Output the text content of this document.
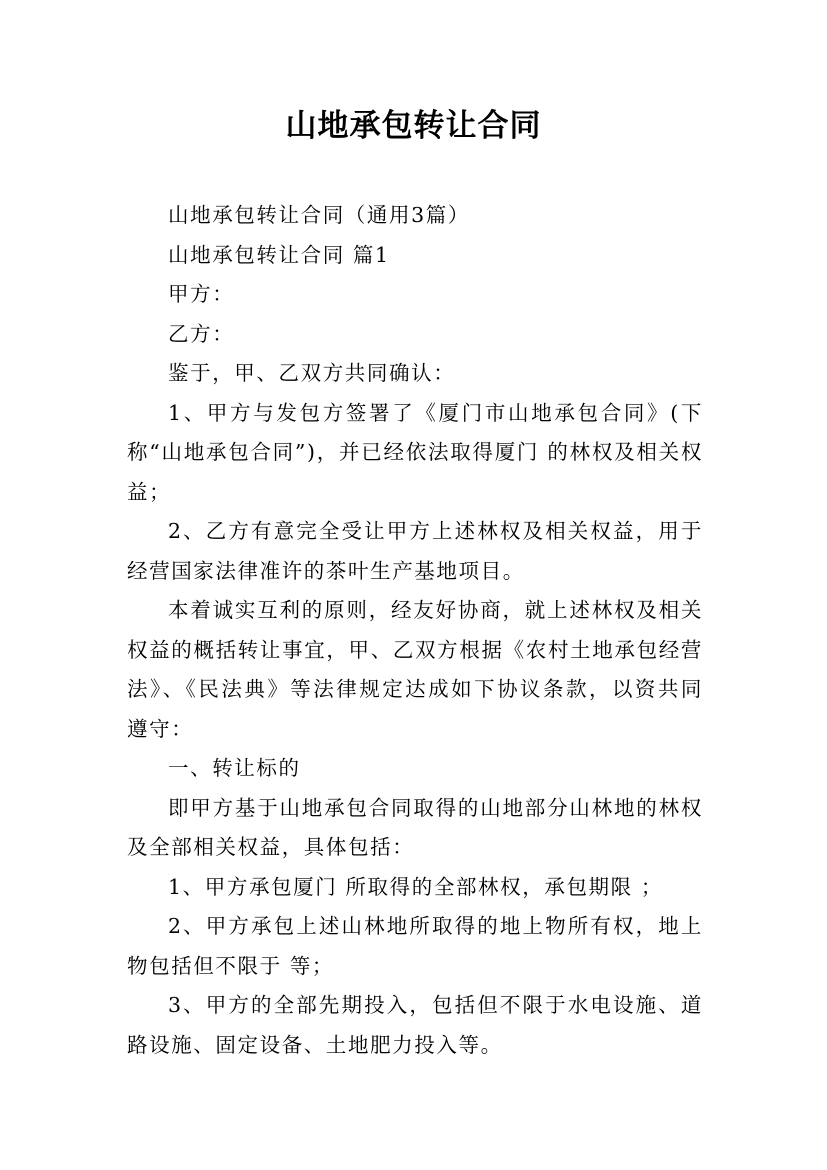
山地承包转让合同

山地承包转让合同（通用3篇）

山地承包转让合同 篇1

甲方：

乙方：

鉴于，甲、乙双方共同确认：

1、甲方与发包方签署了《厦门市山地承包合同》(下称“山地承包合同”)，并已经依法取得厦门 的林权及相关权益；

2、乙方有意完全受让甲方上述林权及相关权益，用于经营国家法律准许的茶叶生产基地项目。

本着诚实互利的原则，经友好协商，就上述林权及相关权益的概括转让事宜，甲、乙双方根据《农村土地承包经营法》、《民法典》等法律规定达成如下协议条款，以资共同遵守：

一、转让标的

即甲方基于山地承包合同取得的山地部分山林地的林权及全部相关权益，具体包括：

1、甲方承包厦门 所取得的全部林权，承包期限 ；

2、甲方承包上述山林地所取得的地上物所有权，地上物包括但不限于 等；

3、甲方的全部先期投入，包括但不限于水电设施、道路设施、固定设备、土地肥力投入等。
